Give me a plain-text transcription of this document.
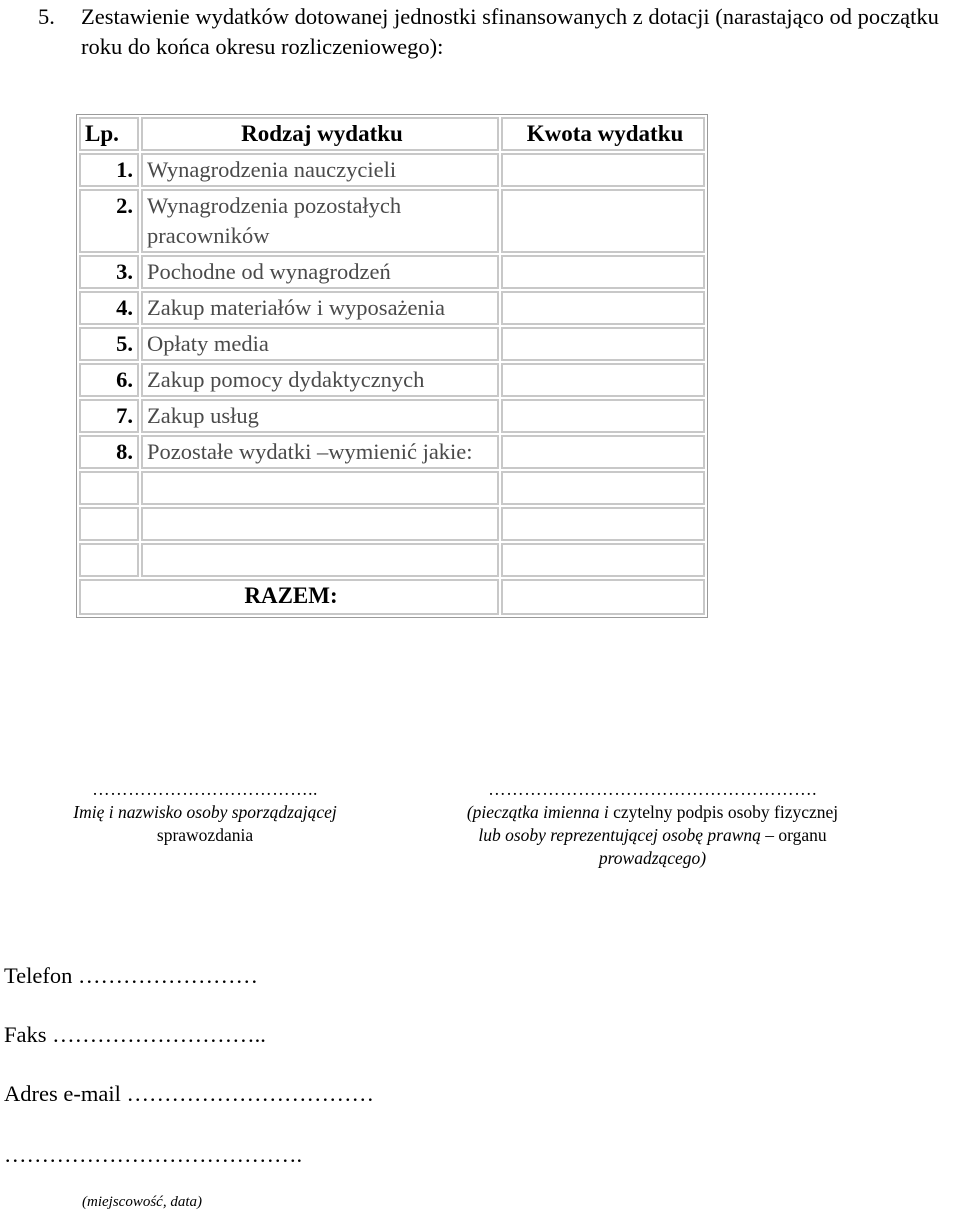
5. Zestawienie wydatków dotowanej jednostki sfinansowanych z dotacji (narastająco od początku roku do końca okresu rozliczeniowego):
Lp.	Rodzaj wydatku	Kwota wydatku
1.	Wynagrodzenia nauczycieli	
2.	Wynagrodzenia pozostałych pracowników	
3.	Pochodne od wynagrodzeń	
4.	Zakup materiałów i wyposażenia	
5.	Opłaty media	
6.	Zakup pomocy dydaktycznych	
7.	Zakup usług	
8.	Pozostałe wydatki –wymienić jakie:	

RAZEM:		
………………………………..
Imię i nazwisko osoby sporządzającej
sprawozdania
……………………………………………….
(pieczątka imienna i czytelny podpis osoby fizycznej
lub osoby reprezentującej osobę prawną – organu
prowadzącego)
Telefon ……………………
Faks ………………………..
Adres e-mail ……………………………
………………………………….
(miejscowość, data)
